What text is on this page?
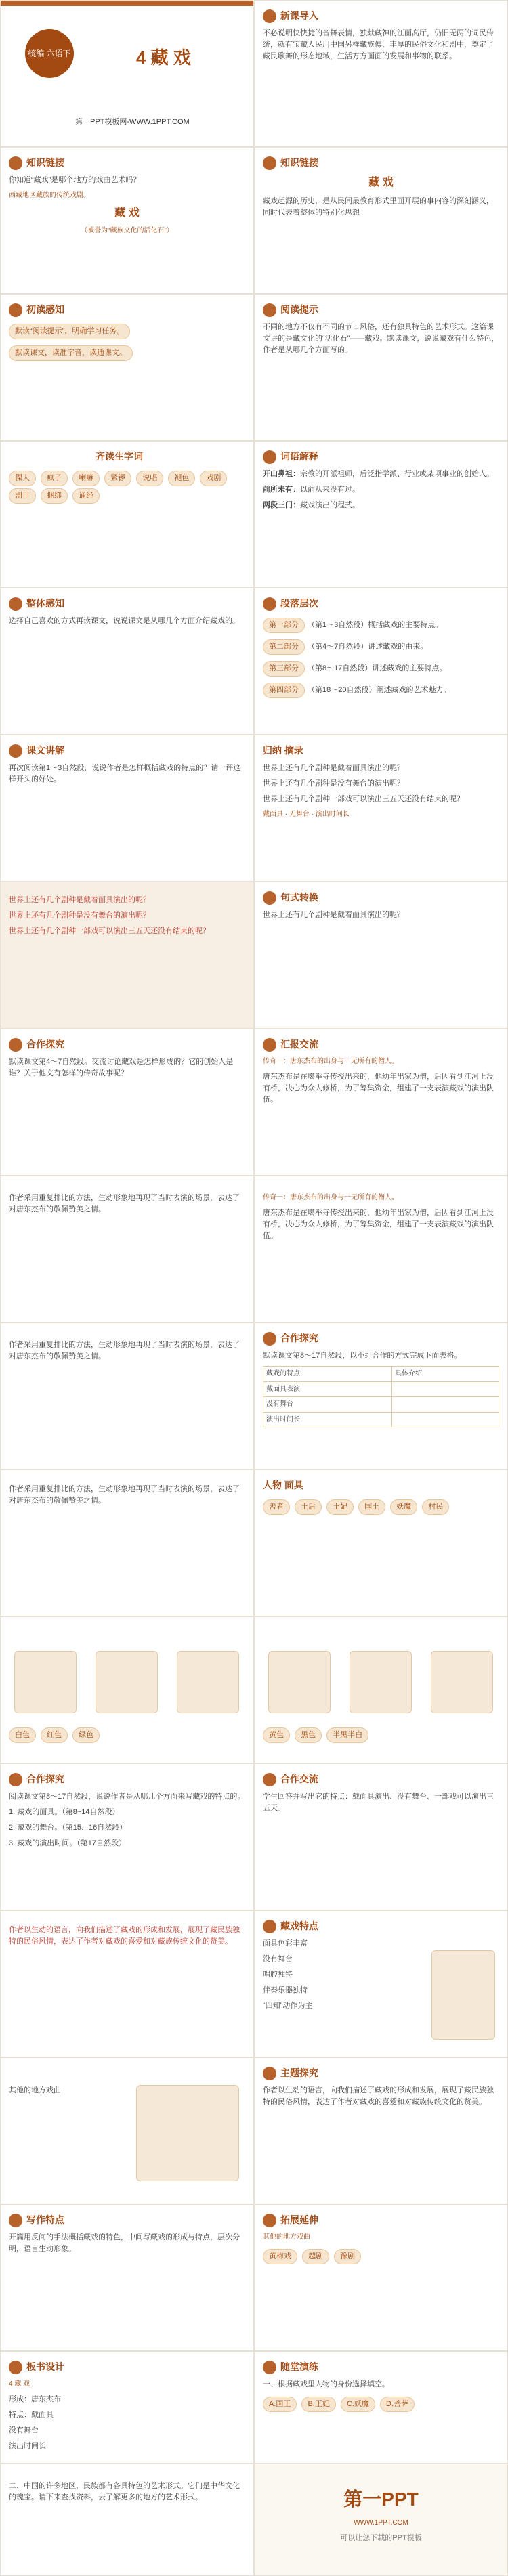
统编 六语下	4 藏 戏
第一PPT模板网-WWW.1PPT.COM
新课导入

不必说明快快捷的音舞表情，独献藏神的江面高厅，仍旧无两的词民传统，就有宝藏人民用中国另样藏族傅、丰厚的民俗文化和剧中，奠定了藏民歌舞的形态地域，生活方方面面的发展和事物的联系。

知识链接

你知道“藏戏”是哪个地方的戏曲艺术吗？

西藏地区藏族的传统戏剧。

藏 戏

（被誉为“藏族文化的活化石”）

知识链接

藏 戏

藏戏起源的历史，是从民间最教育形式里面开展的事内容的深刻涵义，同时代表着整体的特别化思想

初读感知

默读“阅读提示”，明确学习任务。

默读课文，读准字音，读通课文。

阅读提示

不同的地方不仅有不同的节日风俗，还有独具特色的艺术形式。这篇课文讲的是藏文化的“活化石”——藏戏。默读课文，说说藏戏有什么特色，作者是从哪几个方面写的。

齐读生字词
傈人 疯子 喇嘛 紧锣 说唱 褪色 戏剧 剧目 捆绑 诵经
词语解释

开山鼻祖：宗教的开派祖师，后泛指学派、行业或某项事业的创始人。

前所未有：以前从来没有过。

两段三门：藏戏演出的程式。

整体感知

选择自己喜欢的方式再读课文，说说课文是从哪几个方面介绍藏戏的。

段落层次

第一部分 （第1～3自然段）概括藏戏的主要特点。

第二部分 （第4～7自然段）讲述藏戏的由来。

第三部分 （第8～17自然段）讲述藏戏的主要特点。

第四部分 （第18～20自然段）阐述藏戏的艺术魅力。

课文讲解

再次阅读第1～3自然段，说说作者是怎样概括藏戏的特点的？请一评这样开头的好处。

归纳 摘录

世界上还有几个剧种是戴着面具演出的呢？

世界上还有几个剧种是没有舞台的演出呢？

世界上还有几个剧种一部戏可以演出三五天还没有结束的呢？

戴面具 · 无舞台 · 演出时间长

世界上还有几个剧种是戴着面具演出的呢？

世界上还有几个剧种是没有舞台的演出呢？

世界上还有几个剧种一部戏可以演出三五天还没有结束的呢？

句式转换

世界上还有几个剧种是戴着面具演出的呢？

合作探究

默读课文第4～7自然段。交流讨论藏戏是怎样形成的？它的创始人是谁？关于他文有怎样的传奇故事呢？

汇报交流

传奇一：唐东杰布的出身与一无所有的僧人。

唐东杰布是在噶举寺传授出来的，他幼年出家为僧，后因看到江河上没有桥，决心为众人修桥，为了筹集资金，组建了一支表演藏戏的演出队伍。

作者采用重复排比的方法，生动形象地再现了当时表演的场景，表达了对唐东杰布的敬佩赞美之情。

传奇一：唐东杰布的出身与一无所有的僧人。

唐东杰布是在噶举寺传授出来的，他幼年出家为僧，后因看到江河上没有桥，决心为众人修桥，为了筹集资金，组建了一支表演藏戏的演出队伍。

作者采用重复排比的方法，生动形象地再现了当时表演的场景，表达了对唐东杰布的敬佩赞美之情。

合作探究

默读课文第8～17自然段，以小组合作的方式完成下面表格。

藏戏的特点	具体介绍
戴面具表演	
没有舞台	
演出时间长	

作者采用重复排比的方法，生动形象地再现了当时表演的场景，表达了对唐东杰布的敬佩赞美之情。

人物 面具
善者 王后 王妃 国王 妖魔 村民
白色 红色 绿色	黄色 黑色 半黑半白
合作探究

阅读课文第8～17自然段，说说作者是从哪几个方面来写藏戏的特点的。

1. 藏戏的面具。（第8~14自然段）

2. 藏戏的舞台。（第15、16自然段）

3. 藏戏的演出时间。（第17自然段）

合作交流

学生回答并写出它的特点：戴面具演出、没有舞台、一部戏可以演出三五天。

作者以生动的语言，向我们描述了藏戏的形成和发展，展现了藏民族独特的民俗风情，表达了作者对藏戏的喜爱和对藏族传统文化的赞美。

藏戏特点

面具色彩丰富

没有舞台

唱腔独特

伴奏乐器独特

“四知”动作为主

其他的地方戏曲

主题探究

作者以生动的语言，向我们描述了藏戏的形成和发展，展现了藏民族独特的民俗风情，表达了作者对藏戏的喜爱和对藏族传统文化的赞美。

写作特点

开篇用反问的手法概括藏戏的特色，中间写藏戏的形成与特点，层次分明，语言生动形象。

拓展延伸

其他的地方戏曲

黄梅戏 越剧 豫剧
板书设计

4 藏 戏

形成：唐东杰布

特点：戴面具

没有舞台

演出时间长

随堂演练

一、根据藏戏里人物的身份选择填空。

A.国王 B.王妃 C.妖魔 D.菩萨

二、中国的许多地区，民族都有各具特色的艺术形式。它们是中华文化的瑰宝。请下来查找资料，去了解更多的地方的艺术形式。	第一PPT

WWW.1PPT.COM

可以让您下载的PPT模板
